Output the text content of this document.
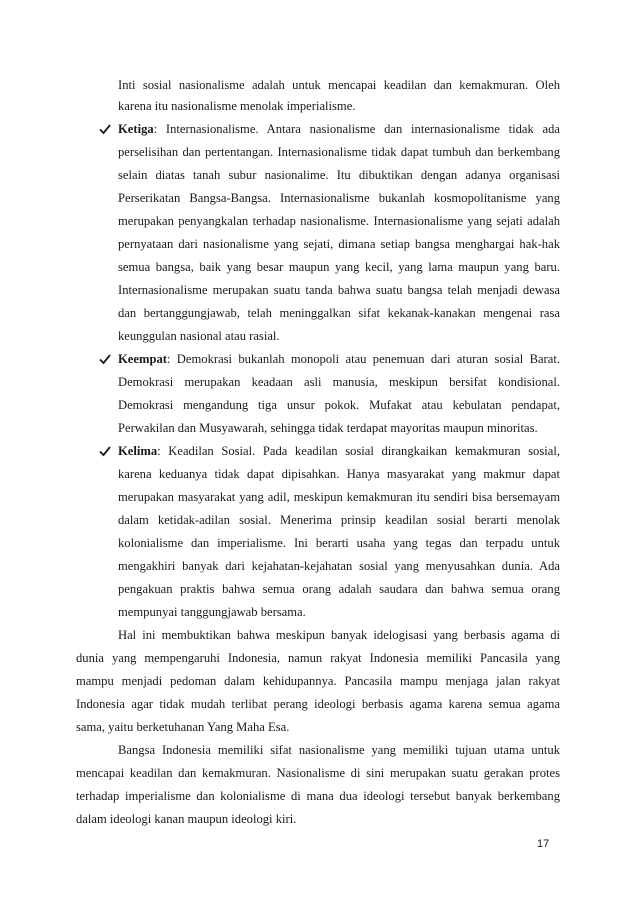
Inti sosial nasionalisme adalah untuk mencapai keadilan dan kemakmuran. Oleh
karena itu nasionalisme menolak imperialisme.
Ketiga: Internasionalisme. Antara nasionalisme dan internasionalisme tidak ada
perselisihan dan pertentangan. Internasionalisme tidak dapat tumbuh dan berkembang
selain diatas tanah subur nasionalime. Itu dibuktikan dengan adanya organisasi
Perserikatan Bangsa-Bangsa. Internasionalisme bukanlah kosmopolitanisme yang
merupakan penyangkalan terhadap nasionalisme. Internasionalisme yang sejati adalah
pernyataan dari nasionalisme yang sejati, dimana setiap bangsa menghargai hak-hak
semua bangsa, baik yang besar maupun yang kecil, yang lama maupun yang baru.
Internasionalisme merupakan suatu tanda bahwa suatu bangsa telah menjadi dewasa
dan bertanggungjawab, telah meninggalkan sifat kekanak-kanakan mengenai rasa
keunggulan nasional atau rasial.
Keempat: Demokrasi bukanlah monopoli atau penemuan dari aturan sosial Barat.
Demokrasi merupakan keadaan asli manusia, meskipun bersifat kondisional.
Demokrasi mengandung tiga unsur pokok. Mufakat atau kebulatan pendapat,
Perwakilan dan Musyawarah, sehingga tidak terdapat mayoritas maupun minoritas.
Kelima: Keadilan Sosial. Pada keadilan sosial dirangkaikan kemakmuran sosial,
karena keduanya tidak dapat dipisahkan. Hanya masyarakat yang makmur dapat
merupakan masyarakat yang adil, meskipun kemakmuran itu sendiri bisa bersemayam
dalam ketidak-adilan sosial. Menerima prinsip keadilan sosial berarti menolak
kolonialisme dan imperialisme. Ini berarti usaha yang tegas dan terpadu untuk
mengakhiri banyak dari kejahatan-kejahatan sosial yang menyusahkan dunia. Ada
pengakuan praktis bahwa semua orang adalah saudara dan bahwa semua orang
mempunyai tanggungjawab bersama.
Hal ini membuktikan bahwa meskipun banyak idelogisasi yang berbasis agama di
dunia yang mempengaruhi Indonesia, namun rakyat Indonesia memiliki Pancasila yang
mampu menjadi pedoman dalam kehidupannya. Pancasila mampu menjaga jalan rakyat
Indonesia agar tidak mudah terlibat perang ideologi berbasis agama karena semua agama
sama, yaitu berketuhanan Yang Maha Esa.
Bangsa Indonesia memiliki sifat nasionalisme yang memiliki tujuan utama untuk
mencapai keadilan dan kemakmuran. Nasionalisme di sini merupakan suatu gerakan protes
terhadap imperialisme dan kolonialisme di mana dua ideologi tersebut banyak berkembang
dalam ideologi kanan maupun ideologi kiri.
17
